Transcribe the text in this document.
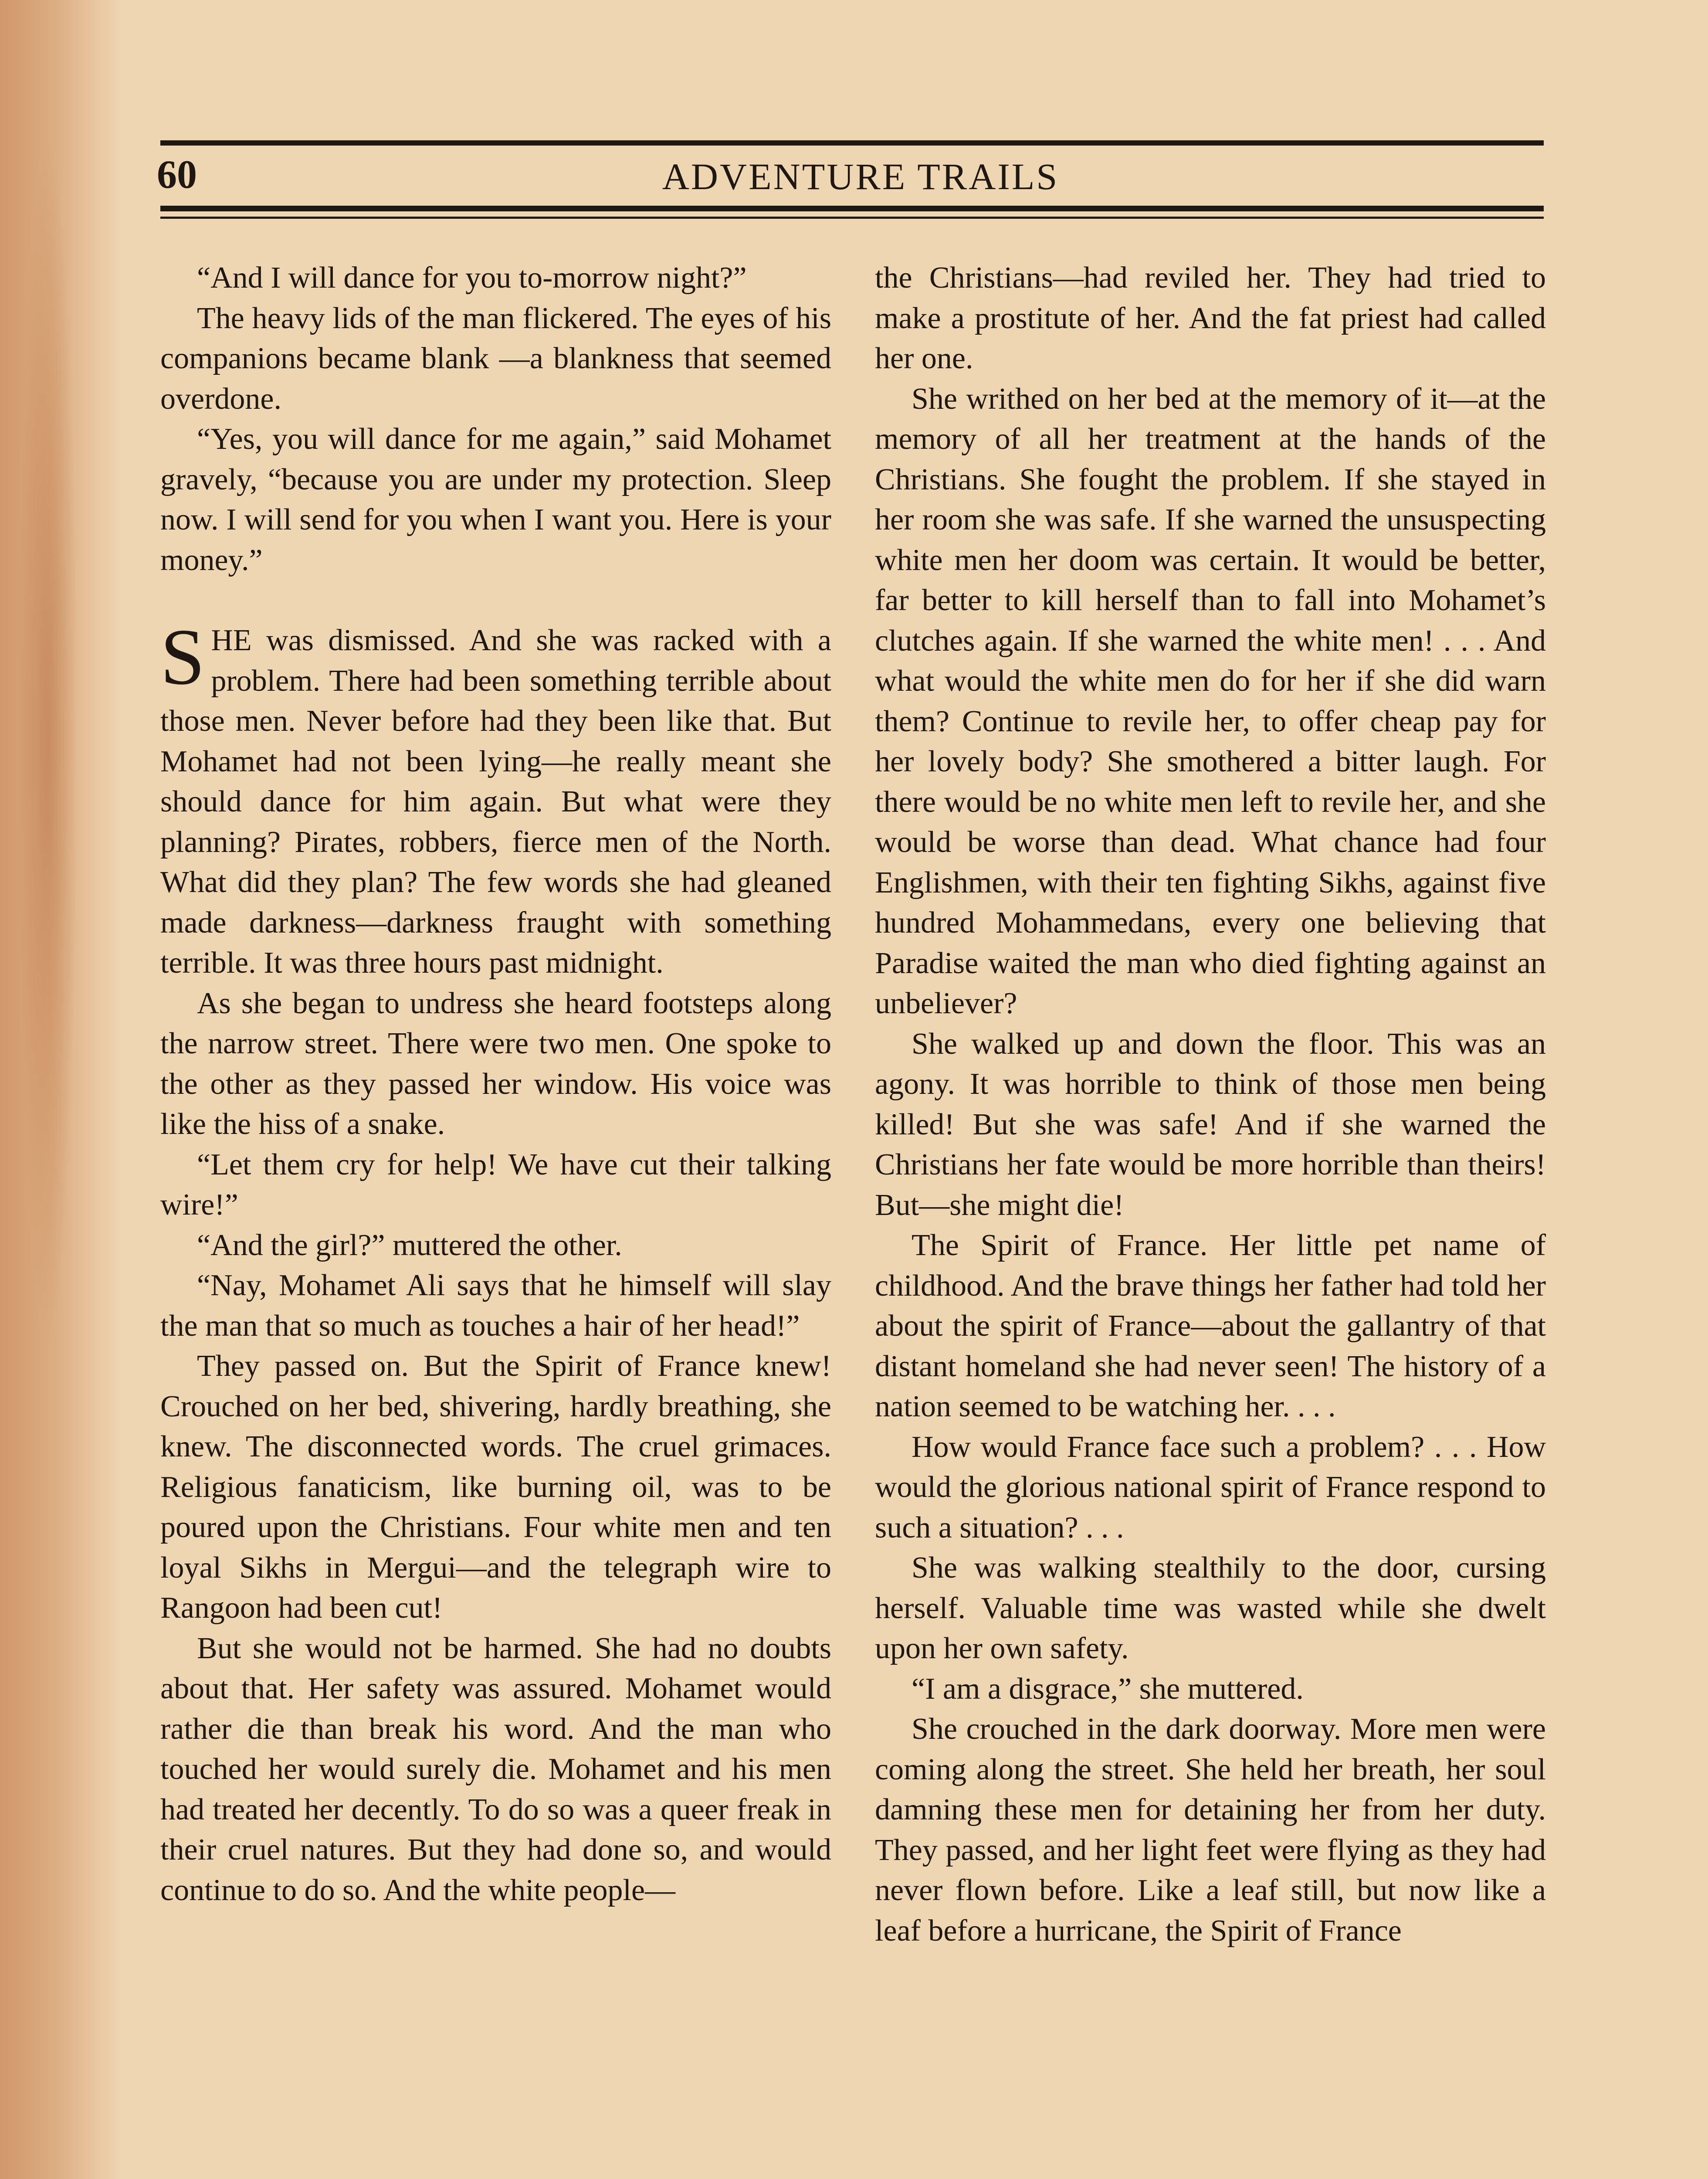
60	ADVENTURE TRAILS

“And I will dance for you to-morrow night?”

The heavy lids of the man flickered. The eyes of his companions became blank —a blankness that seemed overdone.

“Yes, you will dance for me again,” said Mohamet gravely, “because you are under my protection. Sleep now. I will send for you when I want you. Here is your money.”

SHE was dismissed. And she was racked with a problem. There had been something terrible about those men. Never before had they been like that. But Mohamet had not been lying—he really meant she should dance for him again. But what were they planning? Pirates, robbers, fierce men of the North. What did they plan? The few words she had gleaned made darkness—darkness fraught with something terrible. It was three hours past midnight.

As she began to undress she heard footsteps along the narrow street. There were two men. One spoke to the other as they passed her window. His voice was like the hiss of a snake.

“Let them cry for help! We have cut their talking wire!”

“And the girl?” muttered the other.

“Nay, Mohamet Ali says that he himself will slay the man that so much as touches a hair of her head!”

They passed on. But the Spirit of France knew! Crouched on her bed, shivering, hardly breathing, she knew. The disconnected words. The cruel grimaces. Religious fanaticism, like burning oil, was to be poured upon the Christians. Four white men and ten loyal Sikhs in Mergui—and the telegraph wire to Rangoon had been cut!

But she would not be harmed. She had no doubts about that. Her safety was assured. Mohamet would rather die than break his word. And the man who touched her would surely die. Mohamet and his men had treated her decently. To do so was a queer freak in their cruel natures. But they had done so, and would continue to do so. And the white people—

the Christians—had reviled her. They had tried to make a prostitute of her. And the fat priest had called her one.

She writhed on her bed at the memory of it—at the memory of all her treatment at the hands of the Christians. She fought the problem. If she stayed in her room she was safe. If she warned the unsuspecting white men her doom was certain. It would be better, far better to kill herself than to fall into Mohamet’s clutches again. If she warned the white men! . . . And what would the white men do for her if she did warn them? Continue to revile her, to offer cheap pay for her lovely body? She smothered a bitter laugh. For there would be no white men left to revile her, and she would be worse than dead. What chance had four Englishmen, with their ten fighting Sikhs, against five hundred Mohammedans, every one believing that Paradise waited the man who died fighting against an unbeliever?

She walked up and down the floor. This was an agony. It was horrible to think of those men being killed! But she was safe! And if she warned the Christians her fate would be more horrible than theirs! But—she might die!

The Spirit of France. Her little pet name of childhood. And the brave things her father had told her about the spirit of France—about the gallantry of that distant homeland she had never seen! The history of a nation seemed to be watching her. . . .

How would France face such a problem? . . . How would the glorious national spirit of France respond to such a situation? . . .

She was walking stealthily to the door, cursing herself. Valuable time was wasted while she dwelt upon her own safety.

“I am a disgrace,” she muttered.

She crouched in the dark doorway. More men were coming along the street. She held her breath, her soul damning these men for detaining her from her duty. They passed, and her light feet were flying as they had never flown before. Like a leaf still, but now like a leaf before a hurricane, the Spirit of France
